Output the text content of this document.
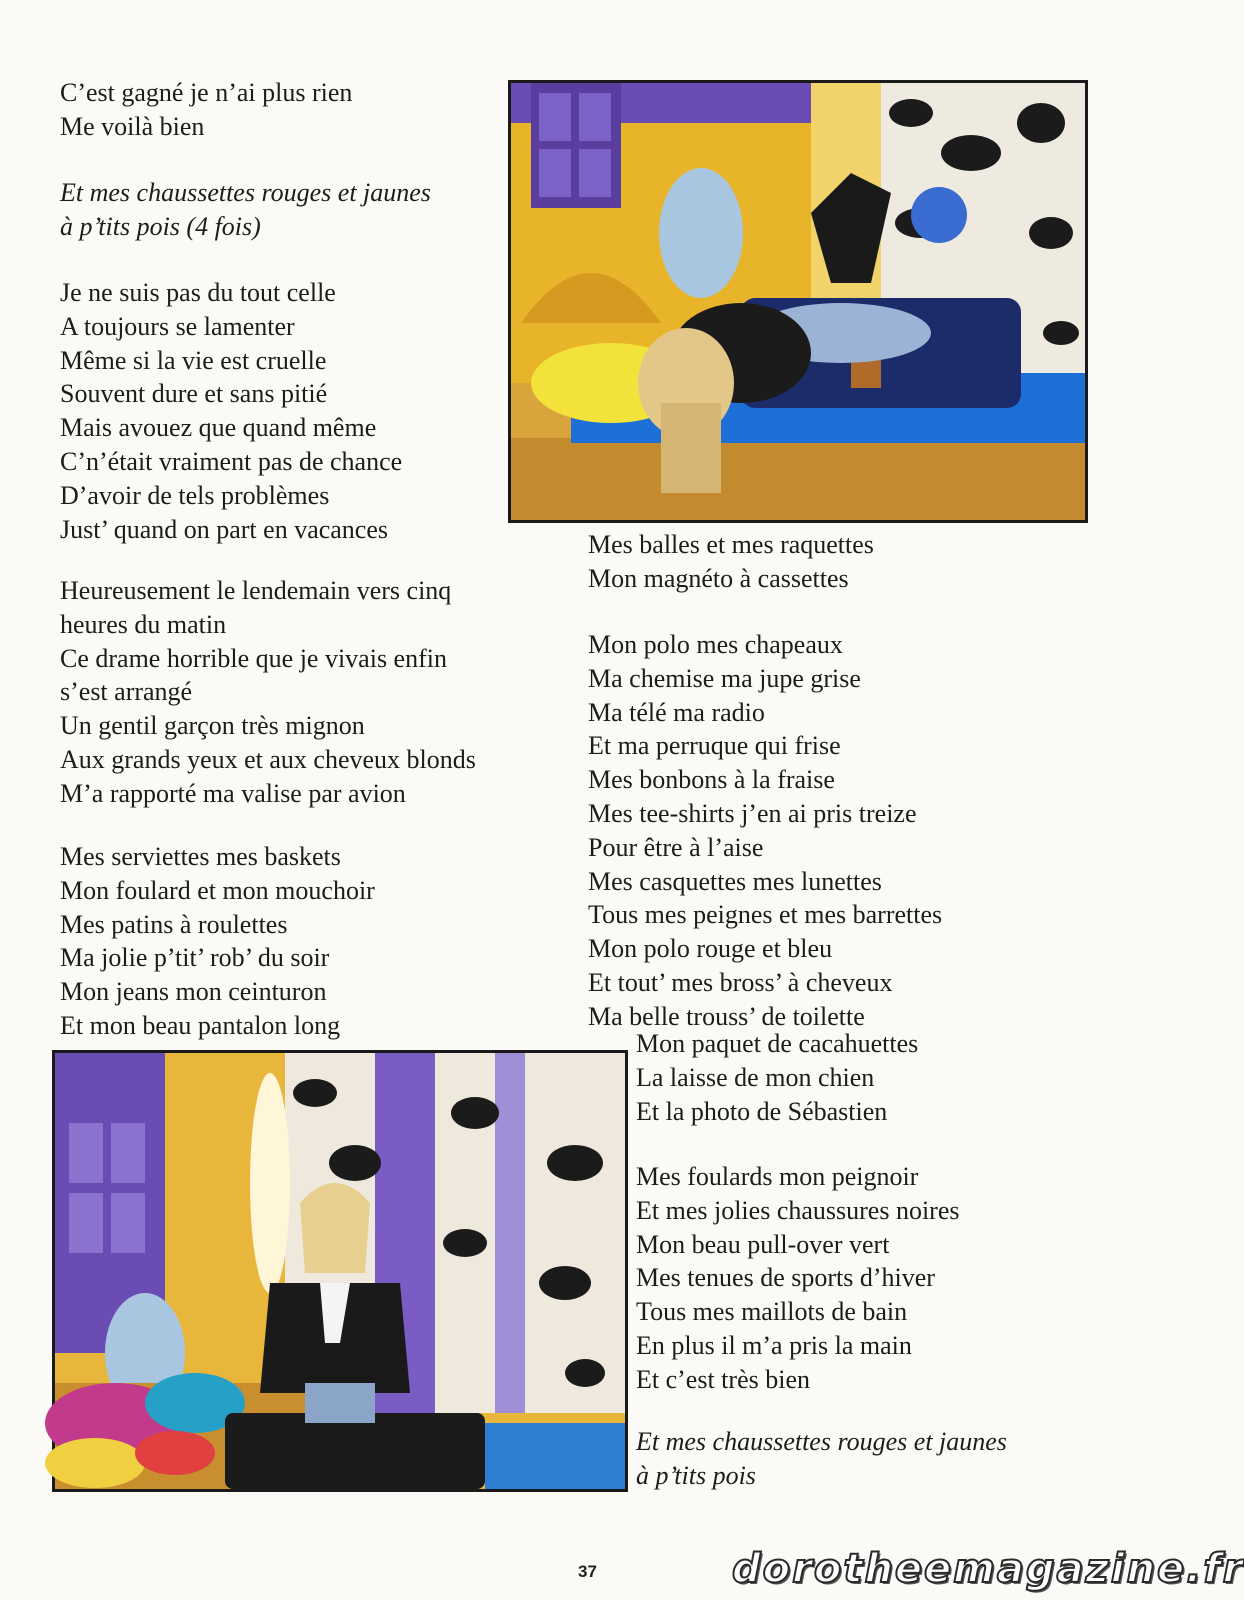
C’est gagné je n’ai plus rien
Me voilà bien
Et mes chaussettes rouges et jaunes
à p’tits pois (4 fois)
Je ne suis pas du tout celle
A toujours se lamenter
Même si la vie est cruelle
Souvent dure et sans pitié
Mais avouez que quand même
C’n’était vraiment pas de chance
D’avoir de tels problèmes
Just’ quand on part en vacances
Heureusement le lendemain vers cinq
heures du matin
Ce drame horrible que je vivais enfin
s’est arrangé
Un gentil garçon très mignon
Aux grands yeux et aux cheveux blonds
M’a rapporté ma valise par avion
Mes serviettes mes baskets
Mon foulard et mon mouchoir
Mes patins à roulettes
Ma jolie p’tit’ rob’ du soir
Mon jeans mon ceinturon
Et mon beau pantalon long
Mes balles et mes raquettes
Mon magnéto à cassettes
Mon polo mes chapeaux
Ma chemise ma jupe grise
Ma télé ma radio
Et ma perruque qui frise
Mes bonbons à la fraise
Mes tee-shirts j’en ai pris treize
Pour être à l’aise
Mes casquettes mes lunettes
Tous mes peignes et mes barrettes
Mon polo rouge et bleu
Et tout’ mes bross’ à cheveux
Ma belle trouss’ de toilette
Mon paquet de cacahuettes
La laisse de mon chien
Et la photo de Sébastien
Mes foulards mon peignoir
Et mes jolies chaussures noires
Mon beau pull-over vert
Mes tenues de sports d’hiver
Tous mes maillots de bain
En plus il m’a pris la main
Et c’est très bien
Et mes chaussettes rouges et jaunes
à p’tits pois
37	dorotheemagazine.fr
